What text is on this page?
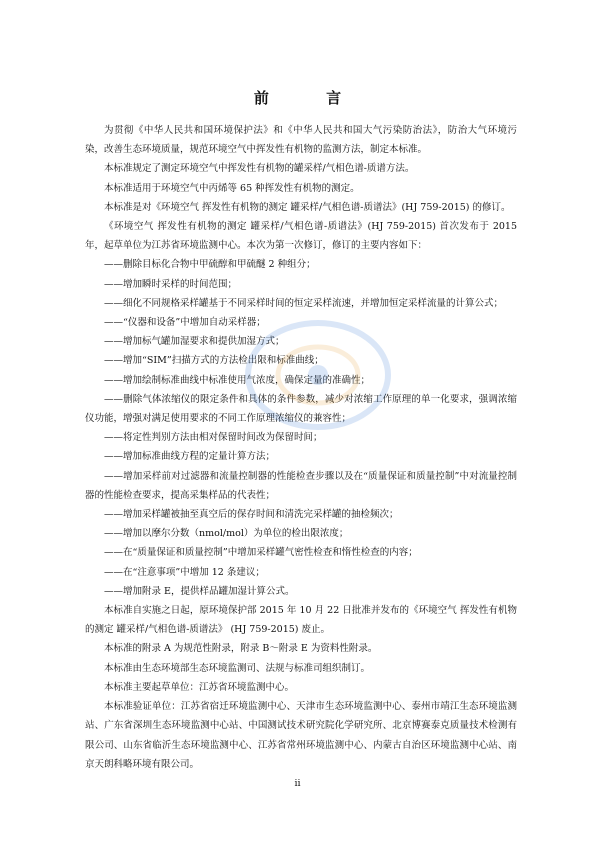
前 言

为贯彻《中华人民共和国环境保护法》和《中华人民共和国大气污染防治法》，防治大气环境污染，改善生态环境质量，规范环境空气中挥发性有机物的监测方法，制定本标准。

本标准规定了测定环境空气中挥发性有机物的罐采样/气相色谱-质谱方法。

本标准适用于环境空气中丙烯等 65 种挥发性有机物的测定。

本标准是对《环境空气 挥发性有机物的测定 罐采样/气相色谱-质谱法》(HJ 759-2015) 的修订。

《环境空气 挥发性有机物的测定 罐采样/气相色谱-质谱法》(HJ 759-2015) 首次发布于 2015 年，起草单位为江苏省环境监测中心。本次为第一次修订，修订的主要内容如下：

——删除目标化合物中甲硫醇和甲硫醚 2 种组分；

——增加瞬时采样的时间范围；

——细化不同规格采样罐基于不同采样时间的恒定采样流速，并增加恒定采样流量的计算公式；

——“仪器和设备”中增加自动采样器；

——增加标气罐加湿要求和提供加湿方式；

——增加“SIM”扫描方式的方法检出限和标准曲线；

——增加绘制标准曲线中标准使用气浓度，确保定量的准确性；

——删除气体浓缩仪的限定条件和具体的条件参数，减少对浓缩工作原理的单一化要求，强调浓缩仪功能，增强对满足使用要求的不同工作原理浓缩仪的兼容性；

——将定性判别方法由相对保留时间改为保留时间；

——增加标准曲线方程的定量计算方法；

——增加采样前对过滤器和流量控制器的性能检查步骤以及在“质量保证和质量控制”中对流量控制器的性能检查要求，提高采集样品的代表性；

——增加采样罐被抽至真空后的保存时间和清洗完采样罐的抽检频次；

——增加以摩尔分数（nmol/mol）为单位的检出限浓度；

——在“质量保证和质量控制”中增加采样罐气密性检查和惰性检查的内容；

——在“注意事项”中增加 12 条建议；

——增加附录 E，提供样品罐加湿计算公式。

本标准自实施之日起，原环境保护部 2015 年 10 月 22 日批准并发布的《环境空气 挥发性有机物的测定 罐采样/气相色谱-质谱法》 (HJ 759-2015) 废止。

本标准的附录 A 为规范性附录，附录 B～附录 E 为资料性附录。

本标准由生态环境部生态环境监测司、法规与标准司组织制订。

本标准主要起草单位：江苏省环境监测中心。

本标准验证单位：江苏省宿迁环境监测中心、天津市生态环境监测中心、泰州市靖江生态环境监测站、广东省深圳生态环境监测中心站、中国测试技术研究院化学研究所、北京博赛泰克质量技术检测有限公司、山东省临沂生态环境监测中心、江苏省常州环境监测中心、内蒙古自治区环境监测中心站、南京天朗科略环境有限公司。

ii
